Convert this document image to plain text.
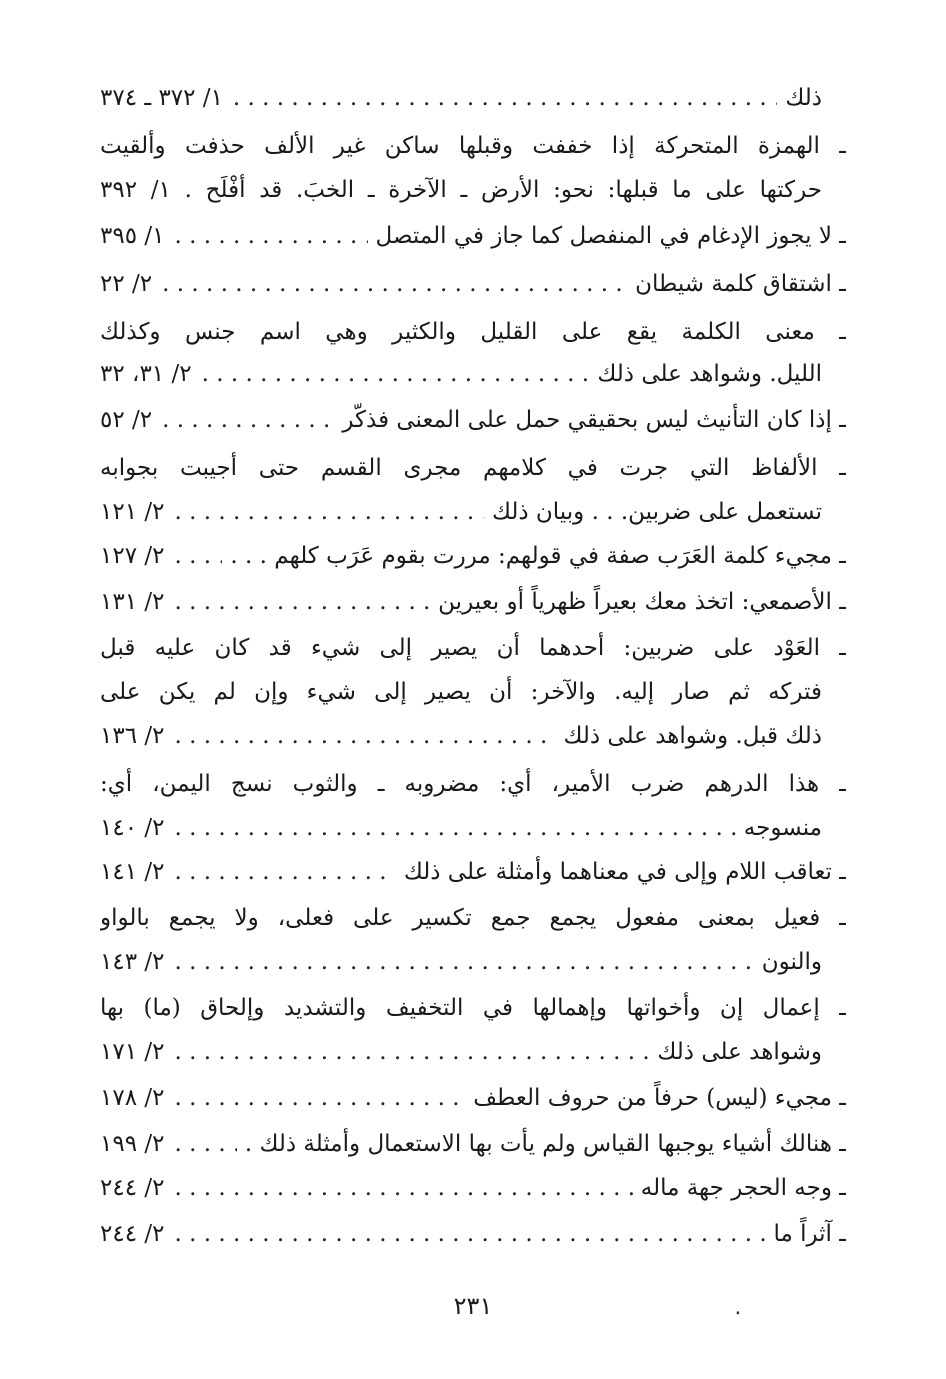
ذلك
. . .
١/ ٣٧٢ ـ ٣٧٤
ـ الهمزة المتحركة إذا خففت وقبلها ساكن غير الألف حذفت وألقيت
حركتها على ما قبلها: نحو: الأرض ـ الآخرة ـ الخبَ. قد أفْلَح . ١/ ٣٩٢
ـ لا يجوز الإدغام في المنفصل كما جاز في المتصل
. . .
١/ ٣٩٥
ـ اشتقاق كلمة شيطان
. . .
٢/ ٢٢
ـ معنى الكلمة يقع على القليل والكثير وهي اسم جنس وكذلك
الليل. وشواهد على ذلك
. . .
٢/ ٣١، ٣٢
ـ إذا كان التأنيث ليس بحقيقي حمل على المعنى فذكّر
. . .
٢/ ٥٢
ـ الألفاظ التي جرت في كلامهم مجرى القسم حتى أجيبت بجوابه
تستعمل على ضربين. . . وبيان ذلك
. . .
٢/ ١٢١
ـ مجيء كلمة العَرَب صفة في قولهم: مررت بقوم عَرَب كلهم . . .
. . .
٢/ ١٢٧
ـ الأصمعي: اتخذ معك بعيراً ظهرياً أو بعيرين
. . .
٢/ ١٣١
ـ العَوْد على ضربين: أحدهما أن يصير إلى شيء قد كان عليه قبل
فتركه ثم صار إليه. والآخر: أن يصير إلى شيء وإن لم يكن على
ذلك قبل. وشواهد على ذلك
. . .
٢/ ١٣٦
ـ هذا الدرهم ضرب الأمير، أي: مضروبه ـ والثوب نسج اليمن، أي:
منسوجه
. . .
٢/ ١٤٠
ـ تعاقب اللام وإلى في معناهما وأمثلة على ذلك
. . .
٢/ ١٤١
ـ فعيل بمعنى مفعول يجمع جمع تكسير على فعلى، ولا يجمع بالواو
والنون
. . .
٢/ ١٤٣
ـ إعمال إن وأخواتها وإهمالها في التخفيف والتشديد وإلحاق (ما) بها
وشواهد على ذلك
. . .
٢/ ١٧١
ـ مجيء (ليس) حرفاً من حروف العطف
. . .
٢/ ١٧٨
ـ هنالك أشياء يوجبها القياس ولم يأت بها الاستعمال وأمثلة ذلك .
. . .
٢/ ١٩٩
ـ وجه الحجر جهة ماله
. . .
٢/ ٢٤٤
ـ آثراً ما
. . .
٢/ ٢٤٤
٢٣١	٠
